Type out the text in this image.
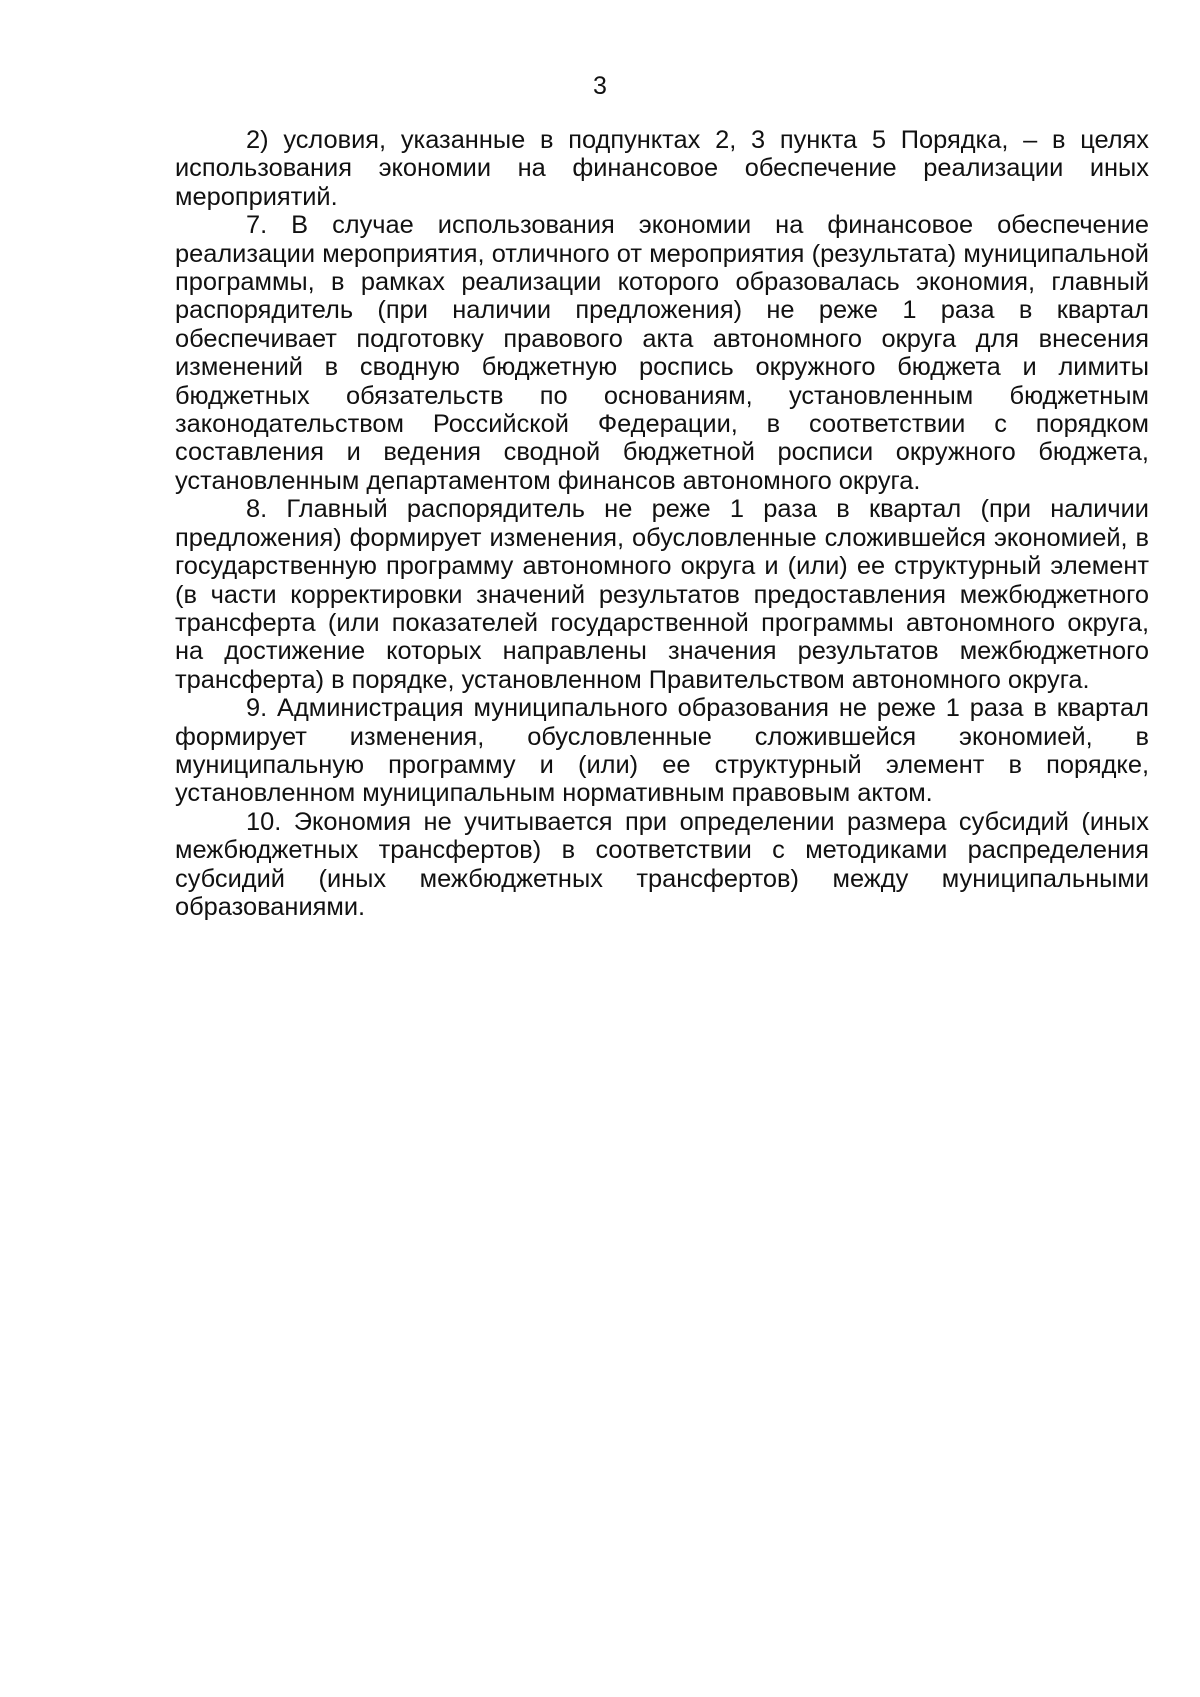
3

2) условия, указанные в подпунктах 2, 3 пункта 5 Порядка, – в целях использования экономии на финансовое обеспечение реализации иных мероприятий.

7. В случае использования экономии на финансовое обеспечение реализации мероприятия, отличного от мероприятия (результата) муниципальной программы, в рамках реализации которого образовалась экономия, главный распорядитель (при наличии предложения) не реже 1 раза в квартал обеспечивает подготовку правового акта автономного округа для внесения изменений в сводную бюджетную роспись окружного бюджета и лимиты бюджетных обязательств по основаниям, установленным бюджетным законодательством Российской Федерации, в соответствии с порядком составления и ведения сводной бюджетной росписи окружного бюджета, установленным департаментом финансов автономного округа.

8. Главный распорядитель не реже 1 раза в квартал (при наличии предложения) формирует изменения, обусловленные сложившейся экономией, в государственную программу автономного округа и (или) ее структурный элемент (в части корректировки значений результатов предоставления межбюджетного трансферта (или показателей государственной программы автономного округа, на достижение которых направлены значения результатов межбюджетного трансферта) в порядке, установленном Правительством автономного округа.

9. Администрация муниципального образования не реже 1 раза в квартал формирует изменения, обусловленные сложившейся экономией, в муниципальную программу и (или) ее структурный элемент в порядке, установленном муниципальным нормативным правовым актом.

10. Экономия не учитывается при определении размера субсидий (иных межбюджетных трансфертов) в соответствии с методиками распределения субсидий (иных межбюджетных трансфертов) между муниципальными образованиями.
